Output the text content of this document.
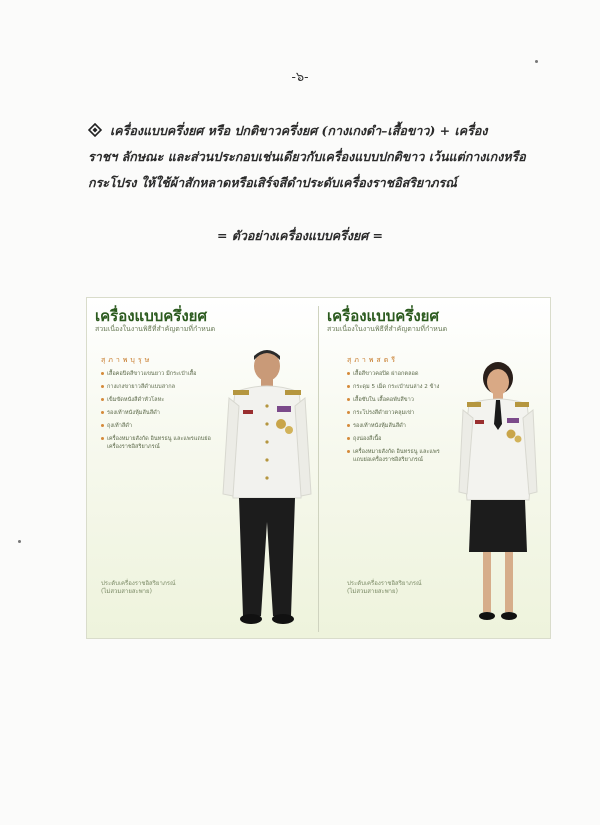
-๖-
เครื่องแบบครึ่งยศ หรือ ปกติขาวครึ่งยศ (กางเกงดำ–เสื้อขาว) + เครื่อง
ราชฯ ลักษณะ และส่วนประกอบเช่นเดียวกับเครื่องแบบปกติขาว เว้นแต่กางเกงหรือ
กระโปรง ให้ใช้ผ้าสักหลาดหรือเสิร์จสีดำประดับเครื่องราชอิสริยาภรณ์
= ตัวอย่างเครื่องแบบครึ่งยศ =
เครื่องแบบครึ่งยศ
สวมเนื่องในงานพิธีที่สำคัญตามที่กำหนด
สุภาพบุรุษ
เสื้อคอปิดสีขาวแขนยาว มีกระเป๋าเสื้อ
กางเกงขายาวสีดำแบบสากล
เข็มขัดหนังสีดำหัวโลหะ
รองเท้าหนังหุ้มส้นสีดำ
ถุงเท้าสีดำ
เครื่องหมายสังกัด อินทรธนู และแพรแถบย่อเครื่องราชอิสริยาภรณ์
ประดับเครื่องราชอิสริยาภรณ์
(ไม่สวมสายสะพาย)
เครื่องแบบครึ่งยศ
สวมเนื่องในงานพิธีที่สำคัญตามที่กำหนด
สุภาพสตรี
เสื้อสีขาวคอปิด ผ่าอกตลอด
กระดุม 5 เม็ด กระเป๋าบนล่าง 2 ข้าง
เสื้อซับใน เสื้อคอพับสีขาว
กระโปรงสีดำยาวคลุมเข่า
รองเท้าหนังหุ้มส้นสีดำ
ถุงน่องสีเนื้อ
เครื่องหมายสังกัด อินทรธนู และแพรแถบย่อเครื่องราชอิสริยาภรณ์
ประดับเครื่องราชอิสริยาภรณ์
(ไม่สวมสายสะพาย)
